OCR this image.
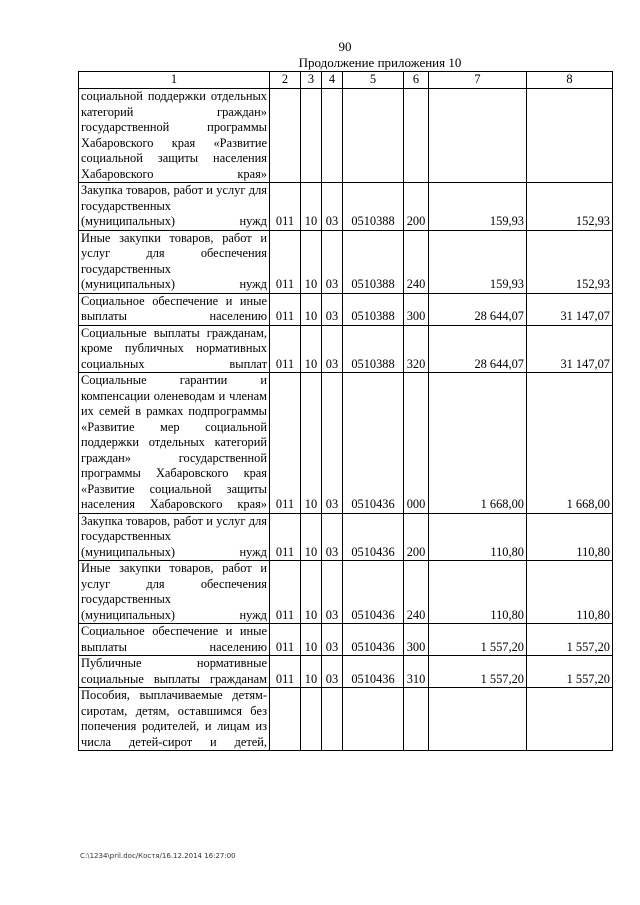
90
Продолжение приложения 10
1	2	3	4	5	6	7	8
социальной поддержки отдельных категорий граждан» государственной программы Хабаровского края «Развитие социальной защиты населения Хабаровского края»							
Закупка товаров, работ и услуг для государственных (муниципальных) нужд	011	10	03	0510388	200	159,93	152,93
Иные закупки товаров, работ и услуг для обеспечения государственных (муниципальных) нужд	011	10	03	0510388	240	159,93	152,93
Социальное обеспечение и иные выплаты населению	011	10	03	0510388	300	28 644,07	31 147,07
Социальные выплаты гражданам, кроме публичных нормативных социальных выплат	011	10	03	0510388	320	28 644,07	31 147,07
Социальные гарантии и компенсации оленеводам и членам их семей в рамках подпрограммы «Развитие мер социальной поддержки отдельных категорий граждан» государственной программы Хабаровского края «Развитие социальной защиты населения Хабаровского края»	011	10	03	0510436	000	1 668,00	1 668,00
Закупка товаров, работ и услуг для государственных (муниципальных) нужд	011	10	03	0510436	200	110,80	110,80
Иные закупки товаров, работ и услуг для обеспечения государственных (муниципальных) нужд	011	10	03	0510436	240	110,80	110,80
Социальное обеспечение и иные выплаты населению	011	10	03	0510436	300	1 557,20	1 557,20
Публичные нормативные социальные выплаты гражданам	011	10	03	0510436	310	1 557,20	1 557,20
Пособия, выплачиваемые детям-сиротам, детям, оставшимся без попечения родителей, и лицам из числа детей-сирот и детей,							
C:\1234\pril.doc/Костя/16.12.2014 16:27:00
